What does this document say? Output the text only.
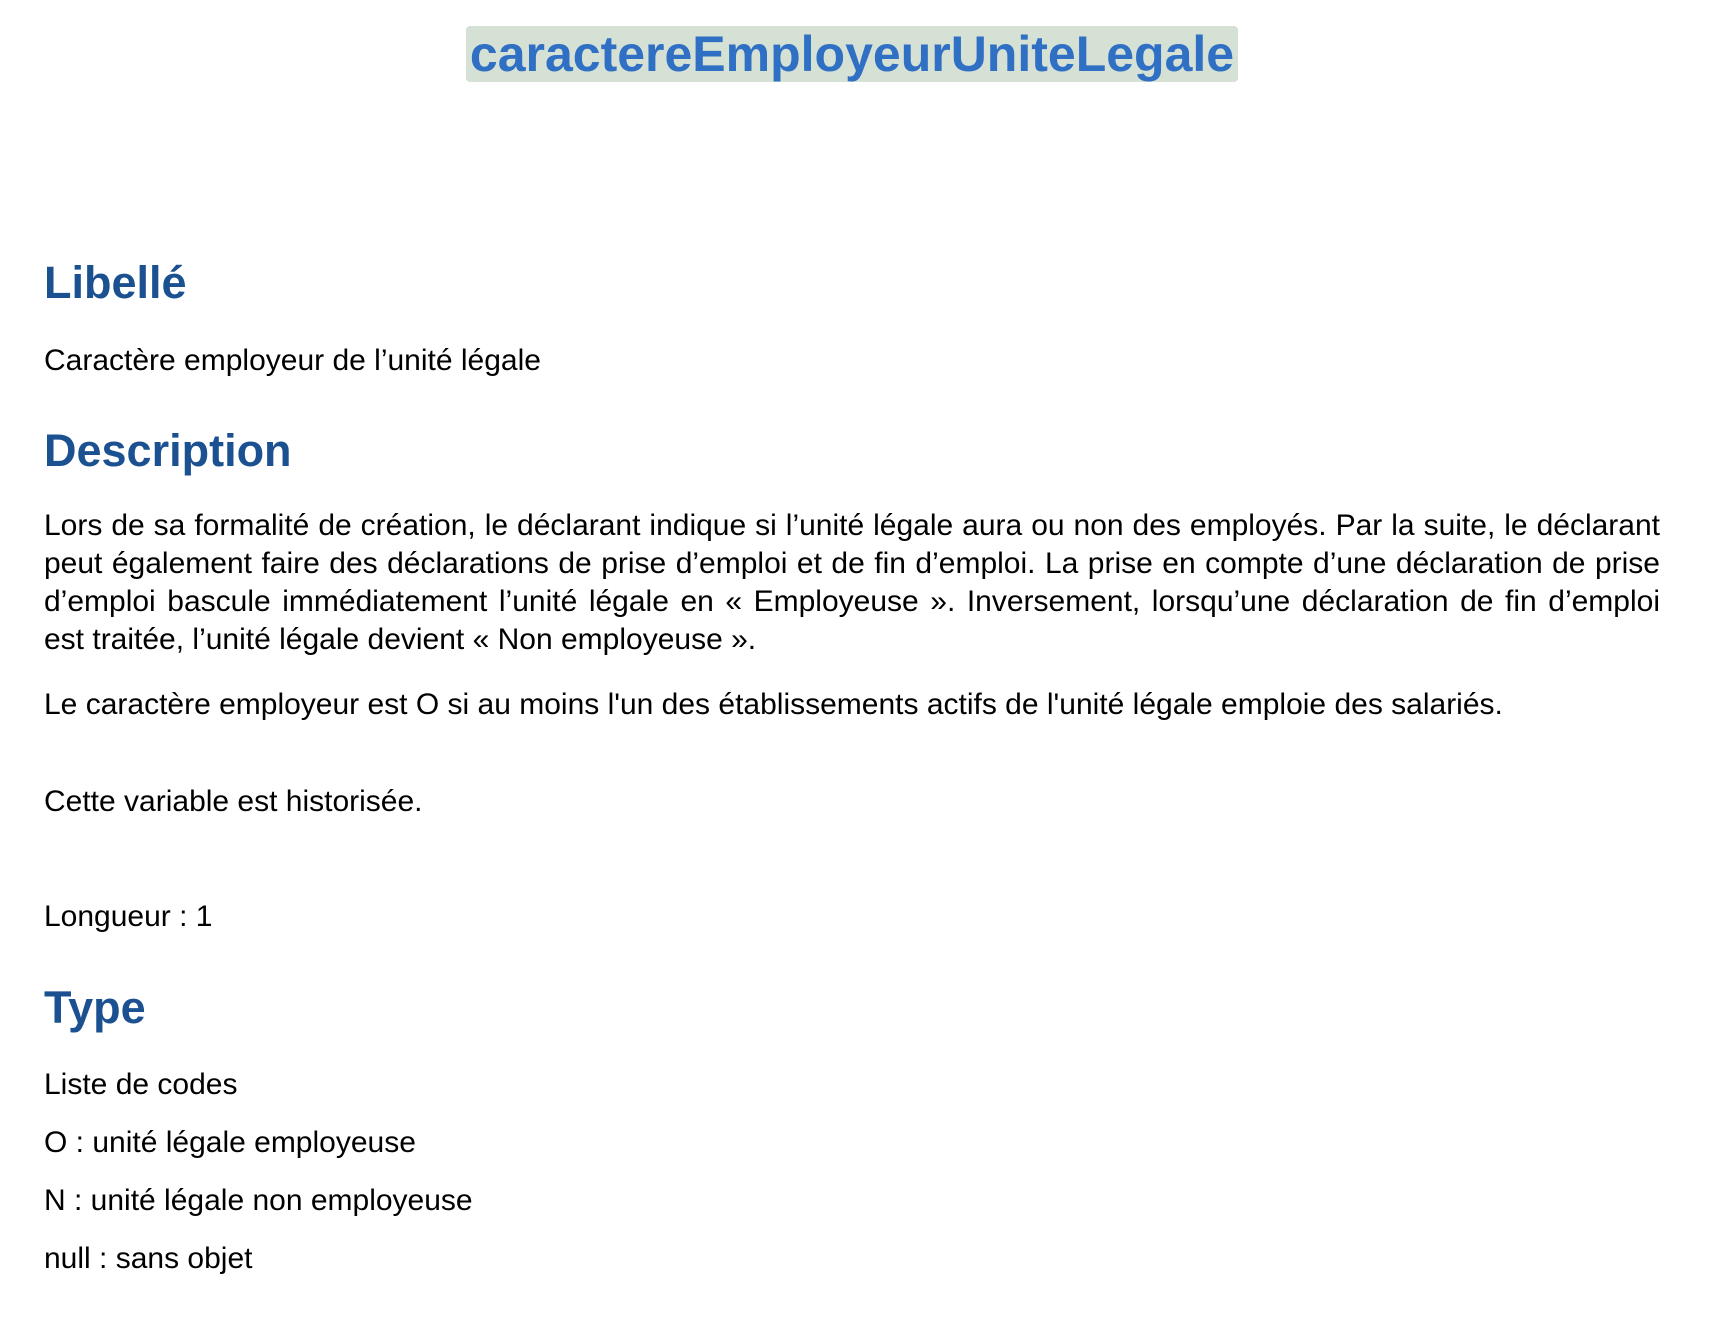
caractereEmployeurUniteLegale
Libellé

Caractère employeur de l’unité légale

Description

Lors de sa formalité de création, le déclarant indique si l’unité légale aura ou non des employés. Par la suite, le déclarant peut également faire des déclarations de prise d’emploi et de fin d’emploi. La prise en compte d’une déclaration de prise d’emploi bascule immédiatement l’unité légale en « Employeuse ». Inversement, lorsqu’une déclaration de fin d’emploi est traitée, l’unité légale devient « Non employeuse ».

Le caractère employeur est O si au moins l'un des établissements actifs de l'unité légale emploie des salariés.

Cette variable est historisée.

Longueur : 1

Type

Liste de codes

O : unité légale employeuse

N : unité légale non employeuse

null : sans objet
